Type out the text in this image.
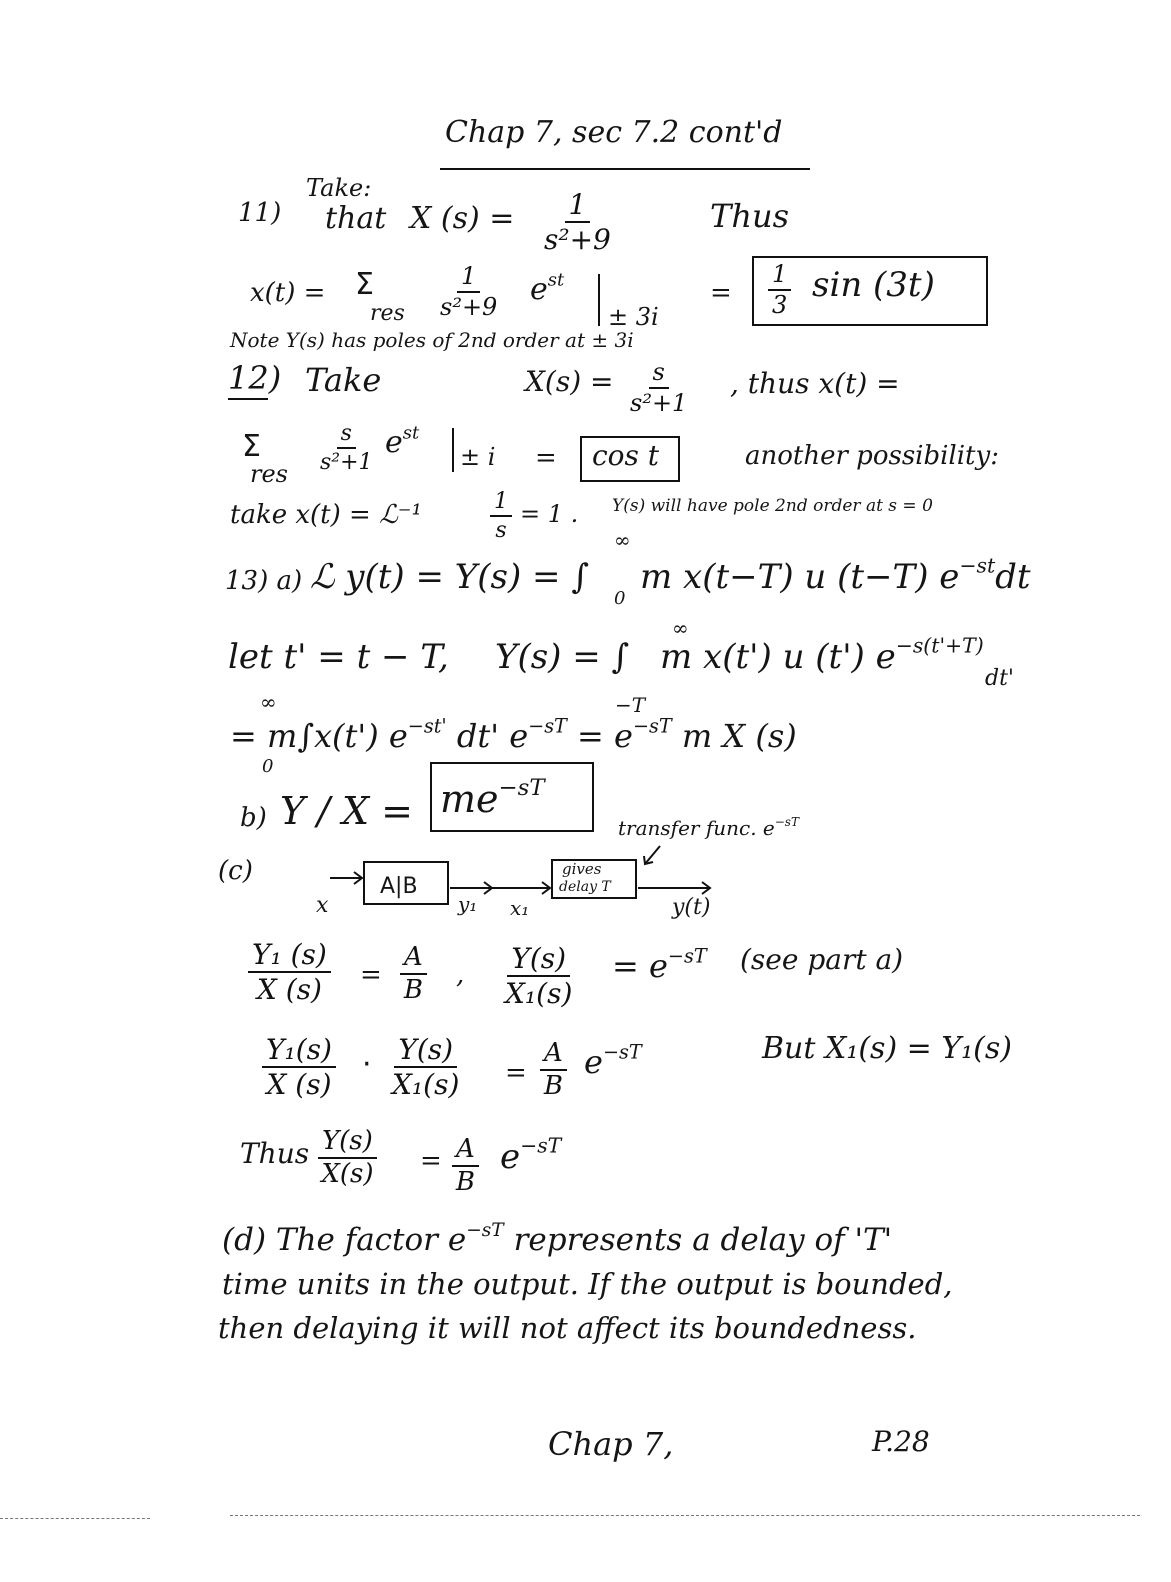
Chap 7, sec 7.2 cont'd
11)
Take:
that X $(s) = \frac{1}{\text{s²+9}}$	Thus
x(t) = Σ
res $\frac{1}{\text{s²+9}} e^{st}$
± 3i
= $\frac{1}{3}$ sin (3t)
Note Y(s) has poles of 2nd order at ± 3i
12) Take	$X(s) = \frac{s}{\text{s²+1}}$ , thus x(t) =
Σ
res $\frac{s}{\text{s²+1}} e^{st}$
± i = cos t	another possibility:
take x(t) = ℒ⁻¹	$\frac{1}{s} = 1$ . Y(s) will have pole 2nd order at s = 0
13) a) ℒ y(t) = Y(s) = ∫
∞
0
m x(t−T) u (t−T) $e^{-st}dt$
let t' = t − T, Y(s) = ∫
∞
−T
m x(t') u (t') $e^{-s(t'+T)}$
dt'
∞
0
= m∫x(t') $e^{-st'}$ dt' $e^{-sT} = e^{-sT}$ m X (s)
b) $Y / X = me^{-sT}$
transfer func. $e^{-sT}$
(c)
A|B
gives
delay T
x	y₁ x₁	y(t)
$\frac{\text{Y₁ (s)}}{X (s)} = \frac{A}{B}$ , $\frac{Y(s)}{\text{X₁(s)}} = e^{-sT}$ (see part a)
$\frac{\text{Y₁(s)}}{X (s)} \cdot \frac{Y(s)}{\text{X₁(s)}} = \frac{A}{B} e^{-sT}$	But X₁(s) = Y₁(s)
Thus $\frac{Y(s)}{X(s)} = \frac{A}{B} e^{-sT}$
(d) The factor $e^{-sT}$ represents a delay of 'T'
time units in the output. If the output is bounded,
then delaying it will not affect its boundedness.
Chap 7,	P.28
